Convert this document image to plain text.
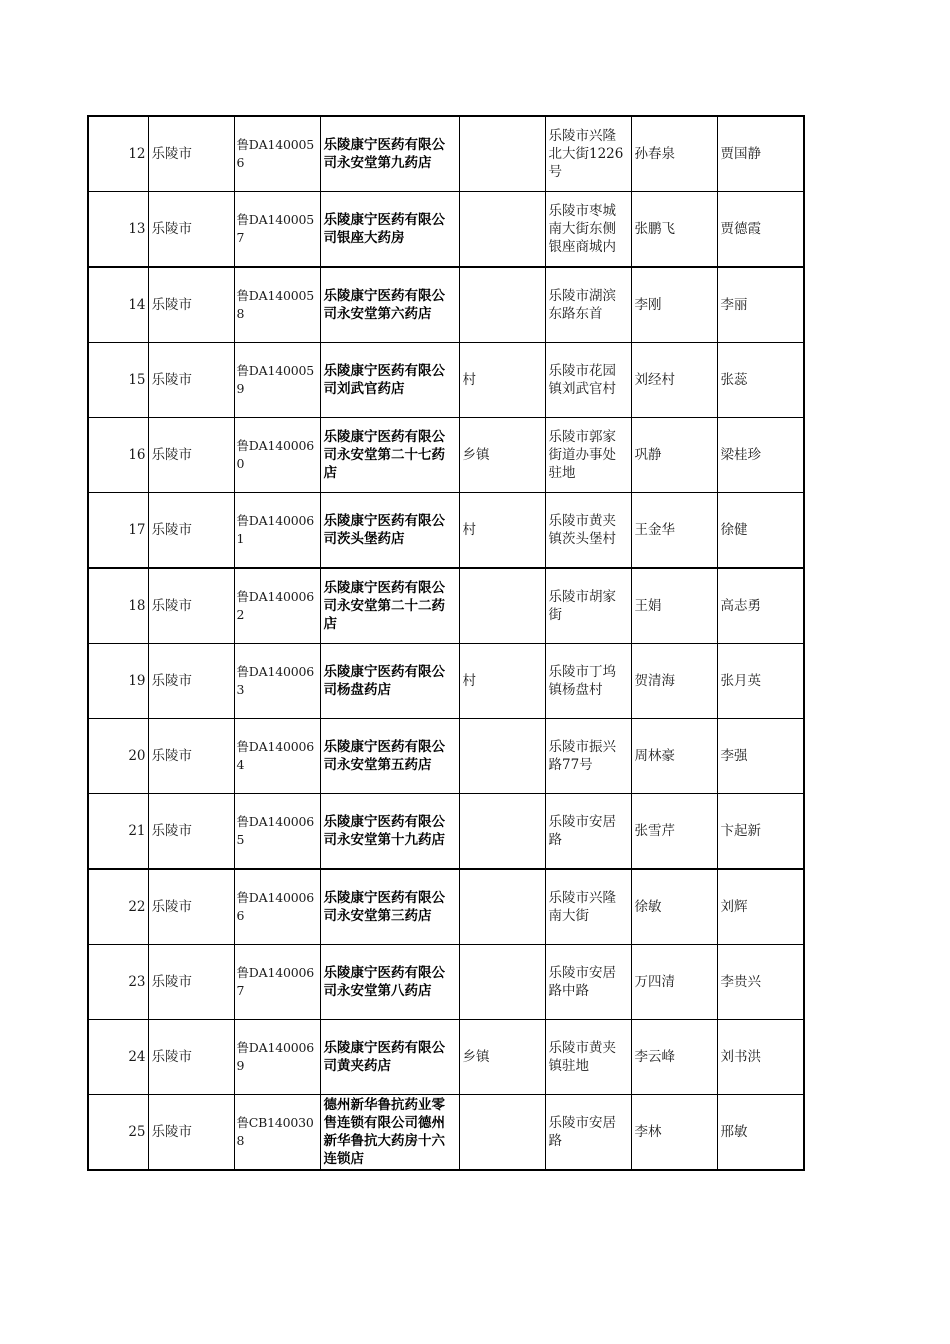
12	乐陵市	鲁DA1400056	乐陵康宁医药有限公司永安堂第九药店		乐陵市兴隆北大街1226号	孙春泉	贾国静
13	乐陵市	鲁DA1400057	乐陵康宁医药有限公司银座大药房		乐陵市枣城南大街东侧银座商城内	张鹏飞	贾德霞
14	乐陵市	鲁DA1400058	乐陵康宁医药有限公司永安堂第六药店		乐陵市湖滨东路东首	李刚	李丽
15	乐陵市	鲁DA1400059	乐陵康宁医药有限公司刘武官药店	村	乐陵市花园镇刘武官村	刘经村	张蕊
16	乐陵市	鲁DA1400060	乐陵康宁医药有限公司永安堂第二十七药店	乡镇	乐陵市郭家街道办事处驻地	巩静	梁桂珍
17	乐陵市	鲁DA1400061	乐陵康宁医药有限公司茨头堡药店	村	乐陵市黄夹镇茨头堡村	王金华	徐健
18	乐陵市	鲁DA1400062	乐陵康宁医药有限公司永安堂第二十二药店		乐陵市胡家街	王娟	高志勇
19	乐陵市	鲁DA1400063	乐陵康宁医药有限公司杨盘药店	村	乐陵市丁坞镇杨盘村	贺清海	张月英
20	乐陵市	鲁DA1400064	乐陵康宁医药有限公司永安堂第五药店		乐陵市振兴路77号	周林豪	李强
21	乐陵市	鲁DA1400065	乐陵康宁医药有限公司永安堂第十九药店		乐陵市安居路	张雪芹	卞起新
22	乐陵市	鲁DA1400066	乐陵康宁医药有限公司永安堂第三药店		乐陵市兴隆南大街	徐敏	刘辉
23	乐陵市	鲁DA1400067	乐陵康宁医药有限公司永安堂第八药店		乐陵市安居路中路	万四清	李贵兴
24	乐陵市	鲁DA1400069	乐陵康宁医药有限公司黄夹药店	乡镇	乐陵市黄夹镇驻地	李云峰	刘书洪
25	乐陵市	鲁CB1400308	德州新华鲁抗药业零售连锁有限公司德州新华鲁抗大药房十六连锁店		乐陵市安居路	李林	邢敏
